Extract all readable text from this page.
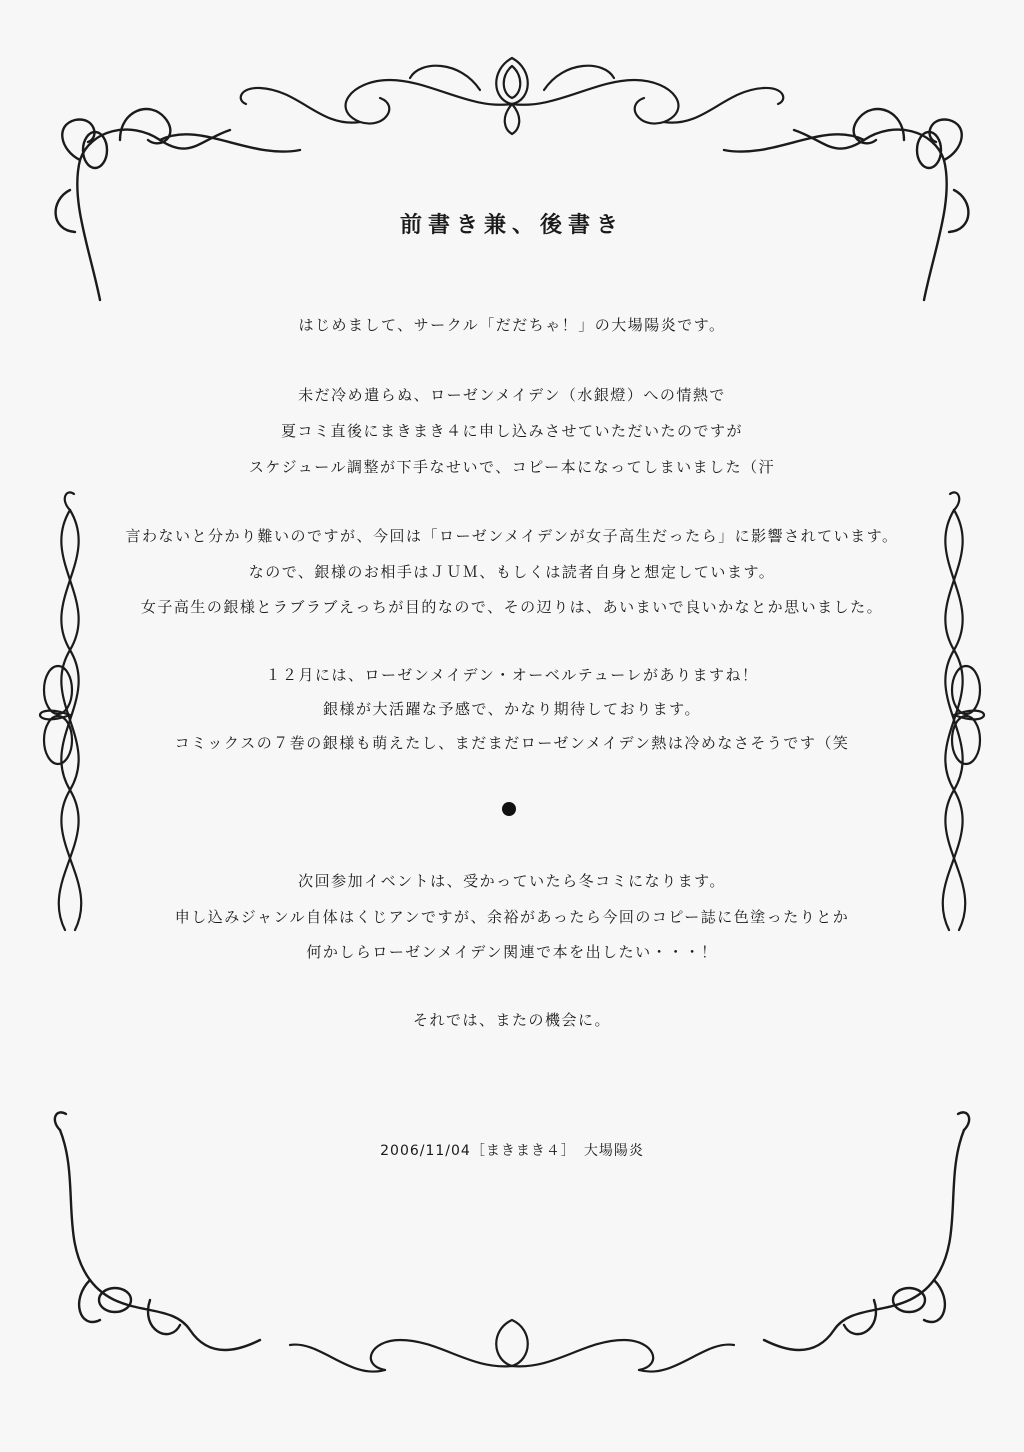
前書き兼、後書き
はじめまして、サークル「だだちゃ！」の大場陽炎です。
未だ冷め遣らぬ、ローゼンメイデン（水銀燈）への情熱で
夏コミ直後にまきまき４に申し込みさせていただいたのですが
スケジュール調整が下手なせいで、コピー本になってしまいました（汗
言わないと分かり難いのですが、今回は「ローゼンメイデンが女子高生だったら」に影響されています。
なので、銀様のお相手はＪＵＭ、もしくは読者自身と想定しています。
女子高生の銀様とラブラブえっちが目的なので、その辺りは、あいまいで良いかなとか思いました。
１２月には、ローゼンメイデン・オーベルテューレがありますね！
銀様が大活躍な予感で、かなり期待しております。
コミックスの７巻の銀様も萌えたし、まだまだローゼンメイデン熱は冷めなさそうです（笑
次回参加イベントは、受かっていたら冬コミになります。
申し込みジャンル自体はくじアンですが、余裕があったら今回のコピー誌に色塗ったりとか
何かしらローゼンメイデン関連で本を出したい・・・！
それでは、またの機会に。
2006/11/04［まきまき４］　大場陽炎
